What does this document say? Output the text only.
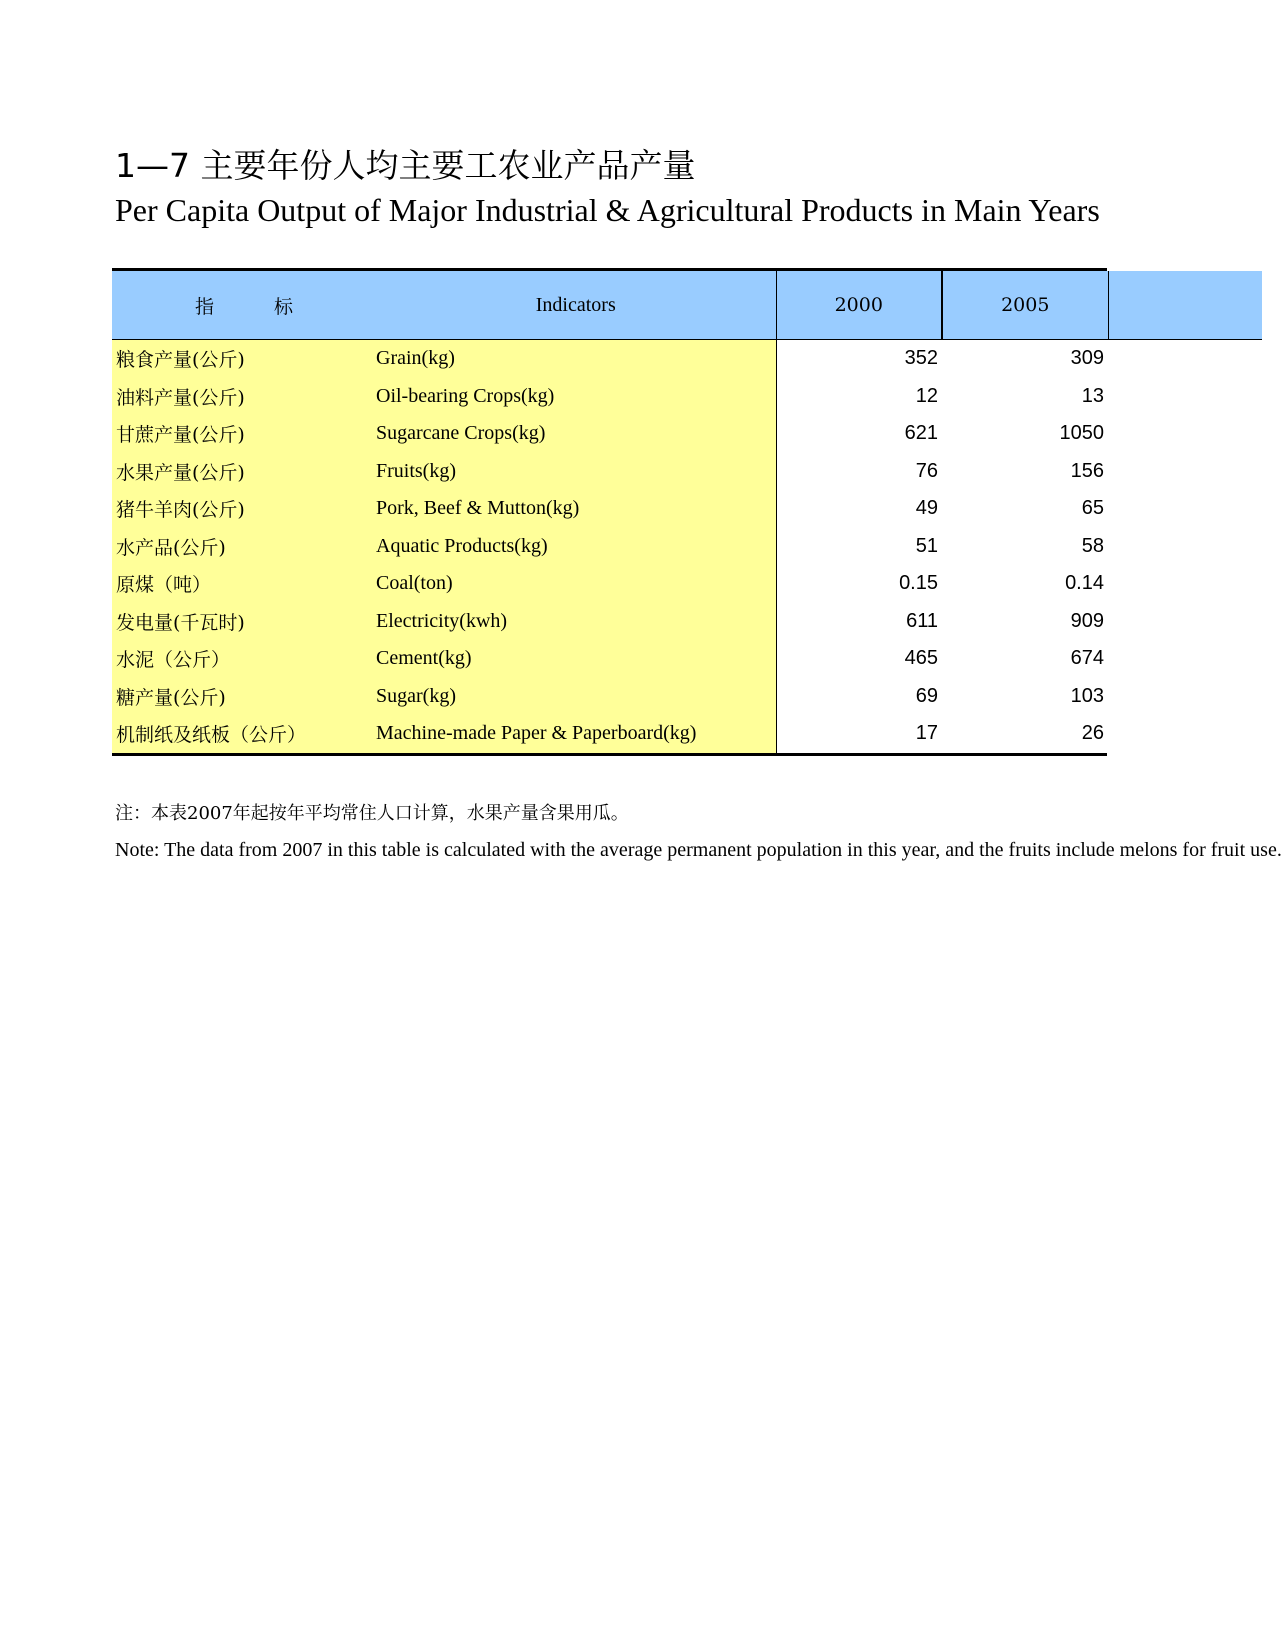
1—7 主要年份人均主要工农业产品产量
Per Capita Output of Major Industrial & Agricultural Products in Main Years
指 标	Indicators	2000	2005	
粮食产量(公斤)	Grain(kg)	352	309	
油料产量(公斤)	Oil-bearing Crops(kg)	12	13	
甘蔗产量(公斤)	Sugarcane Crops(kg)	621	1050	
水果产量(公斤)	Fruits(kg)	76	156	
猪牛羊肉(公斤)	Pork, Beef & Mutton(kg)	49	65	
水产品(公斤)	Aquatic Products(kg)	51	58	
原煤（吨）	Coal(ton)	0.15	0.14	
发电量(千瓦时)	Electricity(kwh)	611	909	
水泥（公斤）	Cement(kg)	465	674	
糖产量(公斤)	Sugar(kg)	69	103	
机制纸及纸板（公斤）	Machine-made Paper & Paperboard(kg)	17	26	
注：本表2007年起按年平均常住人口计算，水果产量含果用瓜。
Note: The data from 2007 in this table is calculated with the average permanent population in this year, and the fruits include melons for fruit use.
